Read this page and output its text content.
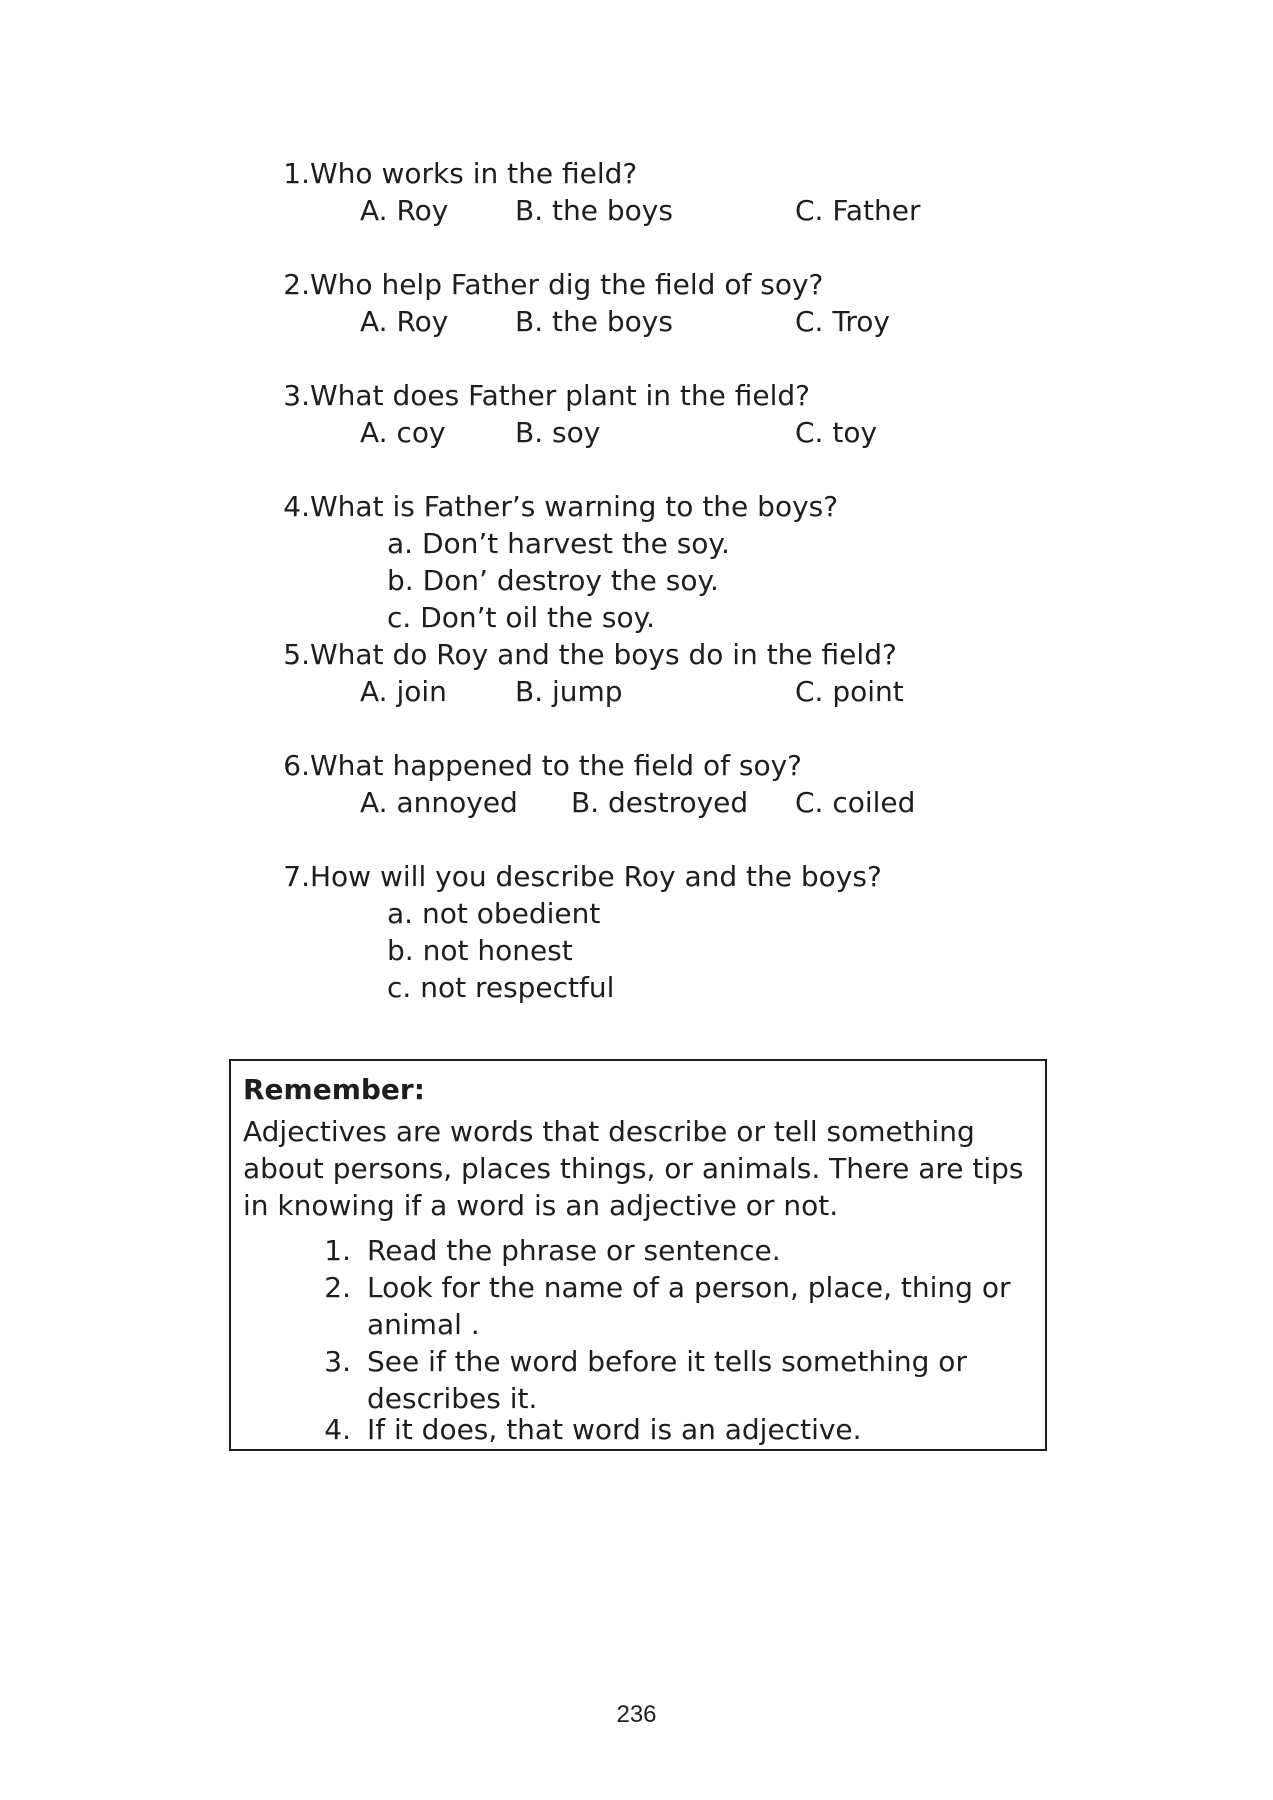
1. Who works in the field?
A. Roy B. the boys	C. Father
2. Who help Father dig the field of soy?
A. Roy B. the boys	C. Troy
3. What does Father plant in the field?
A. coy B. soy	C. toy
4. What is Father’s warning to the boys?
a. Don’t harvest the soy.
b. Don’ destroy the soy.
c. Don’t oil the soy.
5. What do Roy and the boys do in the field?
A. join B. jump	C. point
6. What happened to the field of soy?
A. annoyed B. destroyed C. coiled
7. How will you describe Roy and the boys?
a. not obedient
b. not honest
c. not respectful
Remember:
Adjectives are words that describe or tell something
about persons, places things, or animals. There are tips
in knowing if a word is an adjective or not.
1. Read the phrase or sentence.
2. Look for the name of a person, place, thing or
animal .
3. See if the word before it tells something or
describes it.
4. If it does, that word is an adjective.
236
